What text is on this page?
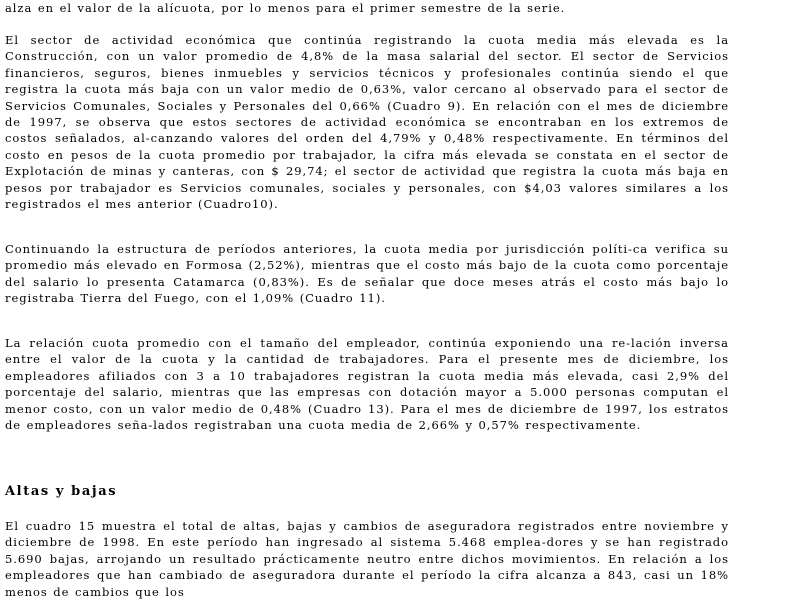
alza en el valor de la alícuota, por lo menos para el primer semestre de la serie.

El sector de actividad económica que continúa registrando la cuota media más elevada es la Construcción, con un valor promedio de 4,8% de la masa salarial del sector. El sector de Servicios financieros, seguros, bienes inmuebles y servicios técnicos y profesionales continúa siendo el que registra la cuota más baja con un valor medio de 0,63%, valor cercano al observado para el sector de Servicios Comunales, Sociales y Personales del 0,66% (Cuadro 9). En relación con el mes de diciembre de 1997, se observa que estos sectores de actividad económica se encontraban en los extremos de costos señalados, al-canzando valores del orden del 4,79% y 0,48% respectivamente. En términos del costo en pesos de la cuota promedio por trabajador, la cifra más elevada se constata en el sector de Explotación de minas y canteras, con $ 29,74; el sector de actividad que registra la cuota más baja en pesos por trabajador es Servicios comunales, sociales y personales, con $4,03 valores similares a los registrados el mes anterior (Cuadro10).

Continuando la estructura de períodos anteriores, la cuota media por jurisdicción políti-ca verifica su promedio más elevado en Formosa (2,52%), mientras que el costo más bajo de la cuota como porcentaje del salario lo presenta Catamarca (0,83%). Es de señalar que doce meses atrás el costo más bajo lo registraba Tierra del Fuego, con el 1,09% (Cuadro 11).

La relación cuota promedio con el tamaño del empleador, continúa exponiendo una re-lación inversa entre el valor de la cuota y la cantidad de trabajadores. Para el presente mes de diciembre, los empleadores afiliados con 3 a 10 trabajadores registran la cuota media más elevada, casi 2,9% del porcentaje del salario, mientras que las empresas con dotación mayor a 5.000 personas computan el menor costo, con un valor medio de 0,48% (Cuadro 13). Para el mes de diciembre de 1997, los estratos de empleadores seña-lados registraban una cuota media de 2,66% y 0,57% respectivamente.

Altas y bajas

El cuadro 15 muestra el total de altas, bajas y cambios de aseguradora registrados entre noviembre y diciembre de 1998. En este período han ingresado al sistema 5.468 emplea-dores y se han registrado 5.690 bajas, arrojando un resultado prácticamente neutro entre dichos movimientos. En relación a los empleadores que han cambiado de aseguradora durante el período la cifra alcanza a 843, casi un 18% menos de cambios que los
